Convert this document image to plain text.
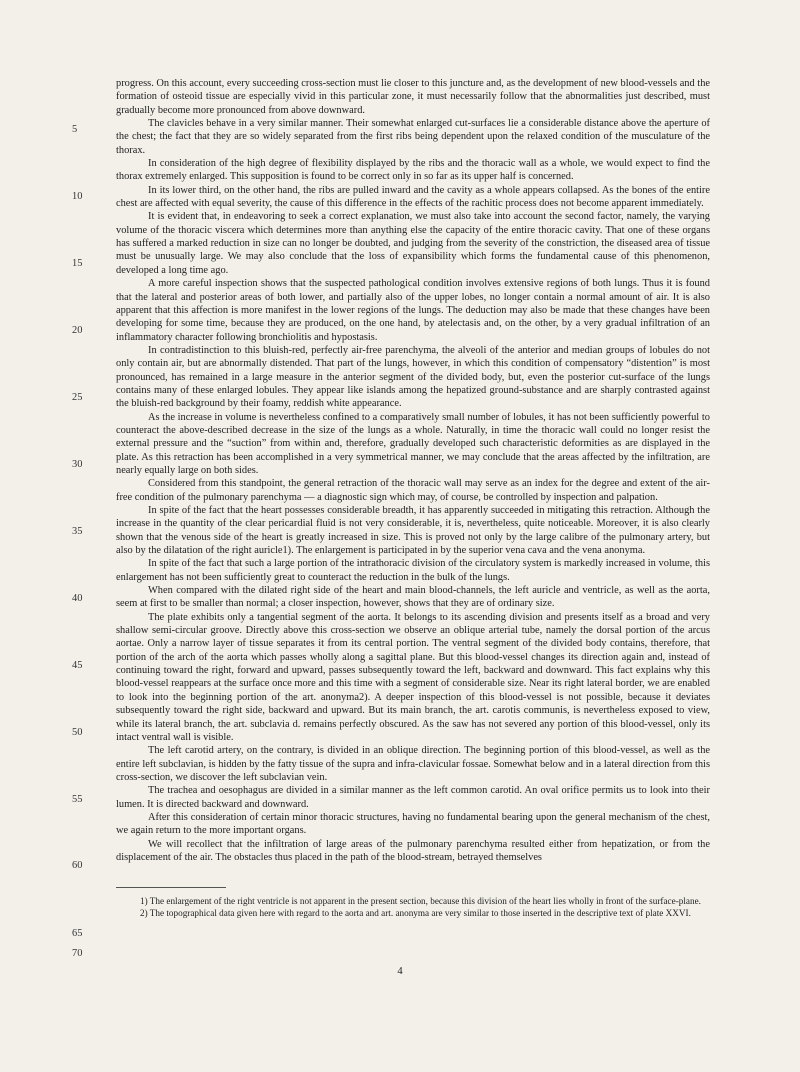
5
10
15
20
25
30
35
40
45
50
55
60
65
70

progress. On this account, every succeeding cross-section must lie closer to this juncture and, as the development of new blood-vessels and the formation of osteoid tissue are especially vivid in this particular zone, it must necessarily follow that the abnormalities just described, must gradually become more pronounced from above downward.

The clavicles behave in a very similar manner. Their somewhat enlarged cut-surfaces lie a considerable distance above the aperture of the chest; the fact that they are so widely separated from the first ribs being dependent upon the relaxed condition of the musculature of the thorax.

In consideration of the high degree of flexibility displayed by the ribs and the thoracic wall as a whole, we would expect to find the thorax extremely enlarged. This supposition is found to be correct only in so far as its upper half is concerned.

In its lower third, on the other hand, the ribs are pulled inward and the cavity as a whole appears collapsed. As the bones of the entire chest are affected with equal severity, the cause of this difference in the effects of the rachitic process does not become apparent immediately.

It is evident that, in endeavoring to seek a correct explanation, we must also take into account the second factor, namely, the varying volume of the thoracic viscera which determines more than anything else the capacity of the entire thoracic cavity. That one of these organs has suffered a marked reduction in size can no longer be doubted, and judging from the severity of the constriction, the diseased area of tissue must be unusually large. We may also conclude that the loss of expansibility which forms the fundamental cause of this phenomenon, developed a long time ago.

A more careful inspection shows that the suspected pathological condition involves extensive regions of both lungs. Thus it is found that the lateral and posterior areas of both lower, and partially also of the upper lobes, no longer contain a normal amount of air. It is also apparent that this affection is more manifest in the lower regions of the lungs. The deduction may also be made that these changes have been developing for some time, because they are produced, on the one hand, by atelectasis and, on the other, by a very gradual infiltration of an inflammatory character following bronchiolitis and hypostasis.

In contradistinction to this bluish-red, perfectly air-free parenchyma, the alveoli of the anterior and median groups of lobules do not only contain air, but are abnormally distended. That part of the lungs, however, in which this condition of compensatory “distention” is most pronounced, has remained in a large measure in the anterior segment of the divided body, but, even the posterior cut-surface of the lungs contains many of these enlarged lobules. They appear like islands among the hepatized ground-substance and are sharply contrasted against the bluish-red background by their foamy, reddish white appearance.

As the increase in volume is nevertheless confined to a comparatively small number of lobules, it has not been sufficiently powerful to counteract the above-described decrease in the size of the lungs as a whole. Naturally, in time the thoracic wall could no longer resist the external pressure and the “suction” from within and, therefore, gradually developed such characteristic deformities as are displayed in the plate. As this retraction has been accomplished in a very symmetrical manner, we may conclude that the areas affected by the infiltration, are nearly equally large on both sides.

Considered from this standpoint, the general retraction of the thoracic wall may serve as an index for the degree and extent of the air-free condition of the pulmonary parenchyma — a diagnostic sign which may, of course, be controlled by inspection and palpation.

In spite of the fact that the heart possesses considerable breadth, it has apparently succeeded in mitigating this retraction. Although the increase in the quantity of the clear pericardial fluid is not very considerable, it is, nevertheless, quite noticeable. Moreover, it is also clearly shown that the venous side of the heart is greatly increased in size. This is proved not only by the large calibre of the pulmonary artery, but also by the dilatation of the right auricle1). The enlargement is participated in by the superior vena cava and the vena anonyma.

In spite of the fact that such a large portion of the intrathoracic division of the circulatory system is markedly increased in volume, this enlargement has not been sufficiently great to counteract the reduction in the bulk of the lungs.

When compared with the dilated right side of the heart and main blood-channels, the left auricle and ventricle, as well as the aorta, seem at first to be smaller than normal; a closer inspection, however, shows that they are of ordinary size.

The plate exhibits only a tangential segment of the aorta. It belongs to its ascending division and presents itself as a broad and very shallow semi-circular groove. Directly above this cross-section we observe an oblique arterial tube, namely the dorsal portion of the arcus aortae. Only a narrow layer of tissue separates it from its central portion. The ventral segment of the divided body contains, therefore, that portion of the arch of the aorta which passes wholly along a sagittal plane. But this blood-vessel changes its direction again and, instead of continuing toward the right, forward and upward, passes subsequently toward the left, backward and downward. This fact explains why this blood-vessel reappears at the surface once more and this time with a segment of considerable size. Near its right lateral border, we are enabled to look into the beginning portion of the art. anonyma2). A deeper inspection of this blood-vessel is not possible, because it deviates subsequently toward the right side, backward and upward. But its main branch, the art. carotis communis, is nevertheless exposed to view, while its lateral branch, the art. subclavia d. remains perfectly obscured. As the saw has not severed any portion of this blood-vessel, only its intact ventral wall is visible.

The left carotid artery, on the contrary, is divided in an oblique direction. The beginning portion of this blood-vessel, as well as the entire left subclavian, is hidden by the fatty tissue of the supra and infra-clavicular fossae. Somewhat below and in a lateral direction from this cross-section, we discover the left subclavian vein.

The trachea and oesophagus are divided in a similar manner as the left common carotid. An oval orifice permits us to look into their lumen. It is directed backward and downward.

After this consideration of certain minor thoracic structures, having no fundamental bearing upon the general mechanism of the chest, we again return to the more important organs.

We will recollect that the infiltration of large areas of the pulmonary parenchyma resulted either from hepatization, or from the displacement of the air. The obstacles thus placed in the path of the blood-stream, betrayed themselves

1) The enlargement of the right ventricle is not apparent in the present section, because this division of the heart lies wholly in front of the surface-plane.

2) The topographical data given here with regard to the aorta and art. anonyma are very similar to those inserted in the descriptive text of plate XXVI.

4
